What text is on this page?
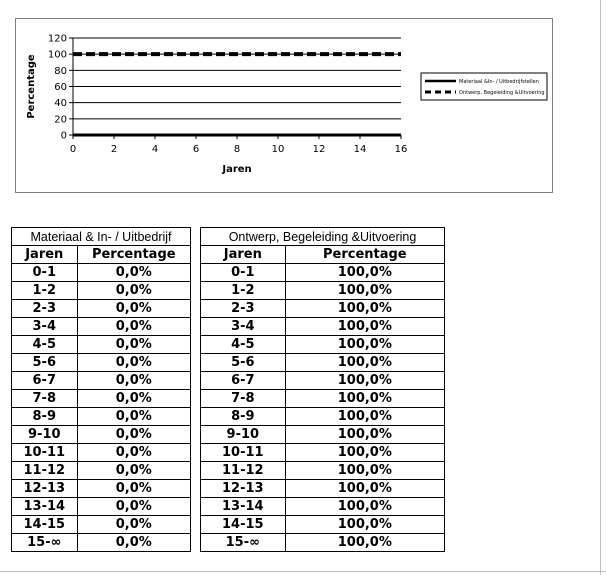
0
20
40
60
80
100
120
0	2	4	6	8	10	12	14	16
Jaren
Percentage	Materiaal &In- / Uitbedrijfstellen
Ontwerp, Begeleiding &Uitvoering
Materiaal & In- / Uitbedrijf	
Jaren	Percentage
0-1	0,0%
1-2	0,0%
2-3	0,0%
3-4	0,0%
4-5	0,0%
5-6	0,0%
6-7	0,0%
7-8	0,0%
8-9	0,0%
9-10	0,0%
10-11	0,0%
11-12	0,0%
12-13	0,0%
13-14	0,0%
14-15	0,0%
15-∞	0,0%
Ontwerp, Begeleiding &Uitvoering	
Jaren	Percentage
0-1	100,0%
1-2	100,0%
2-3	100,0%
3-4	100,0%
4-5	100,0%
5-6	100,0%
6-7	100,0%
7-8	100,0%
8-9	100,0%
9-10	100,0%
10-11	100,0%
11-12	100,0%
12-13	100,0%
13-14	100,0%
14-15	100,0%
15-∞	100,0%
